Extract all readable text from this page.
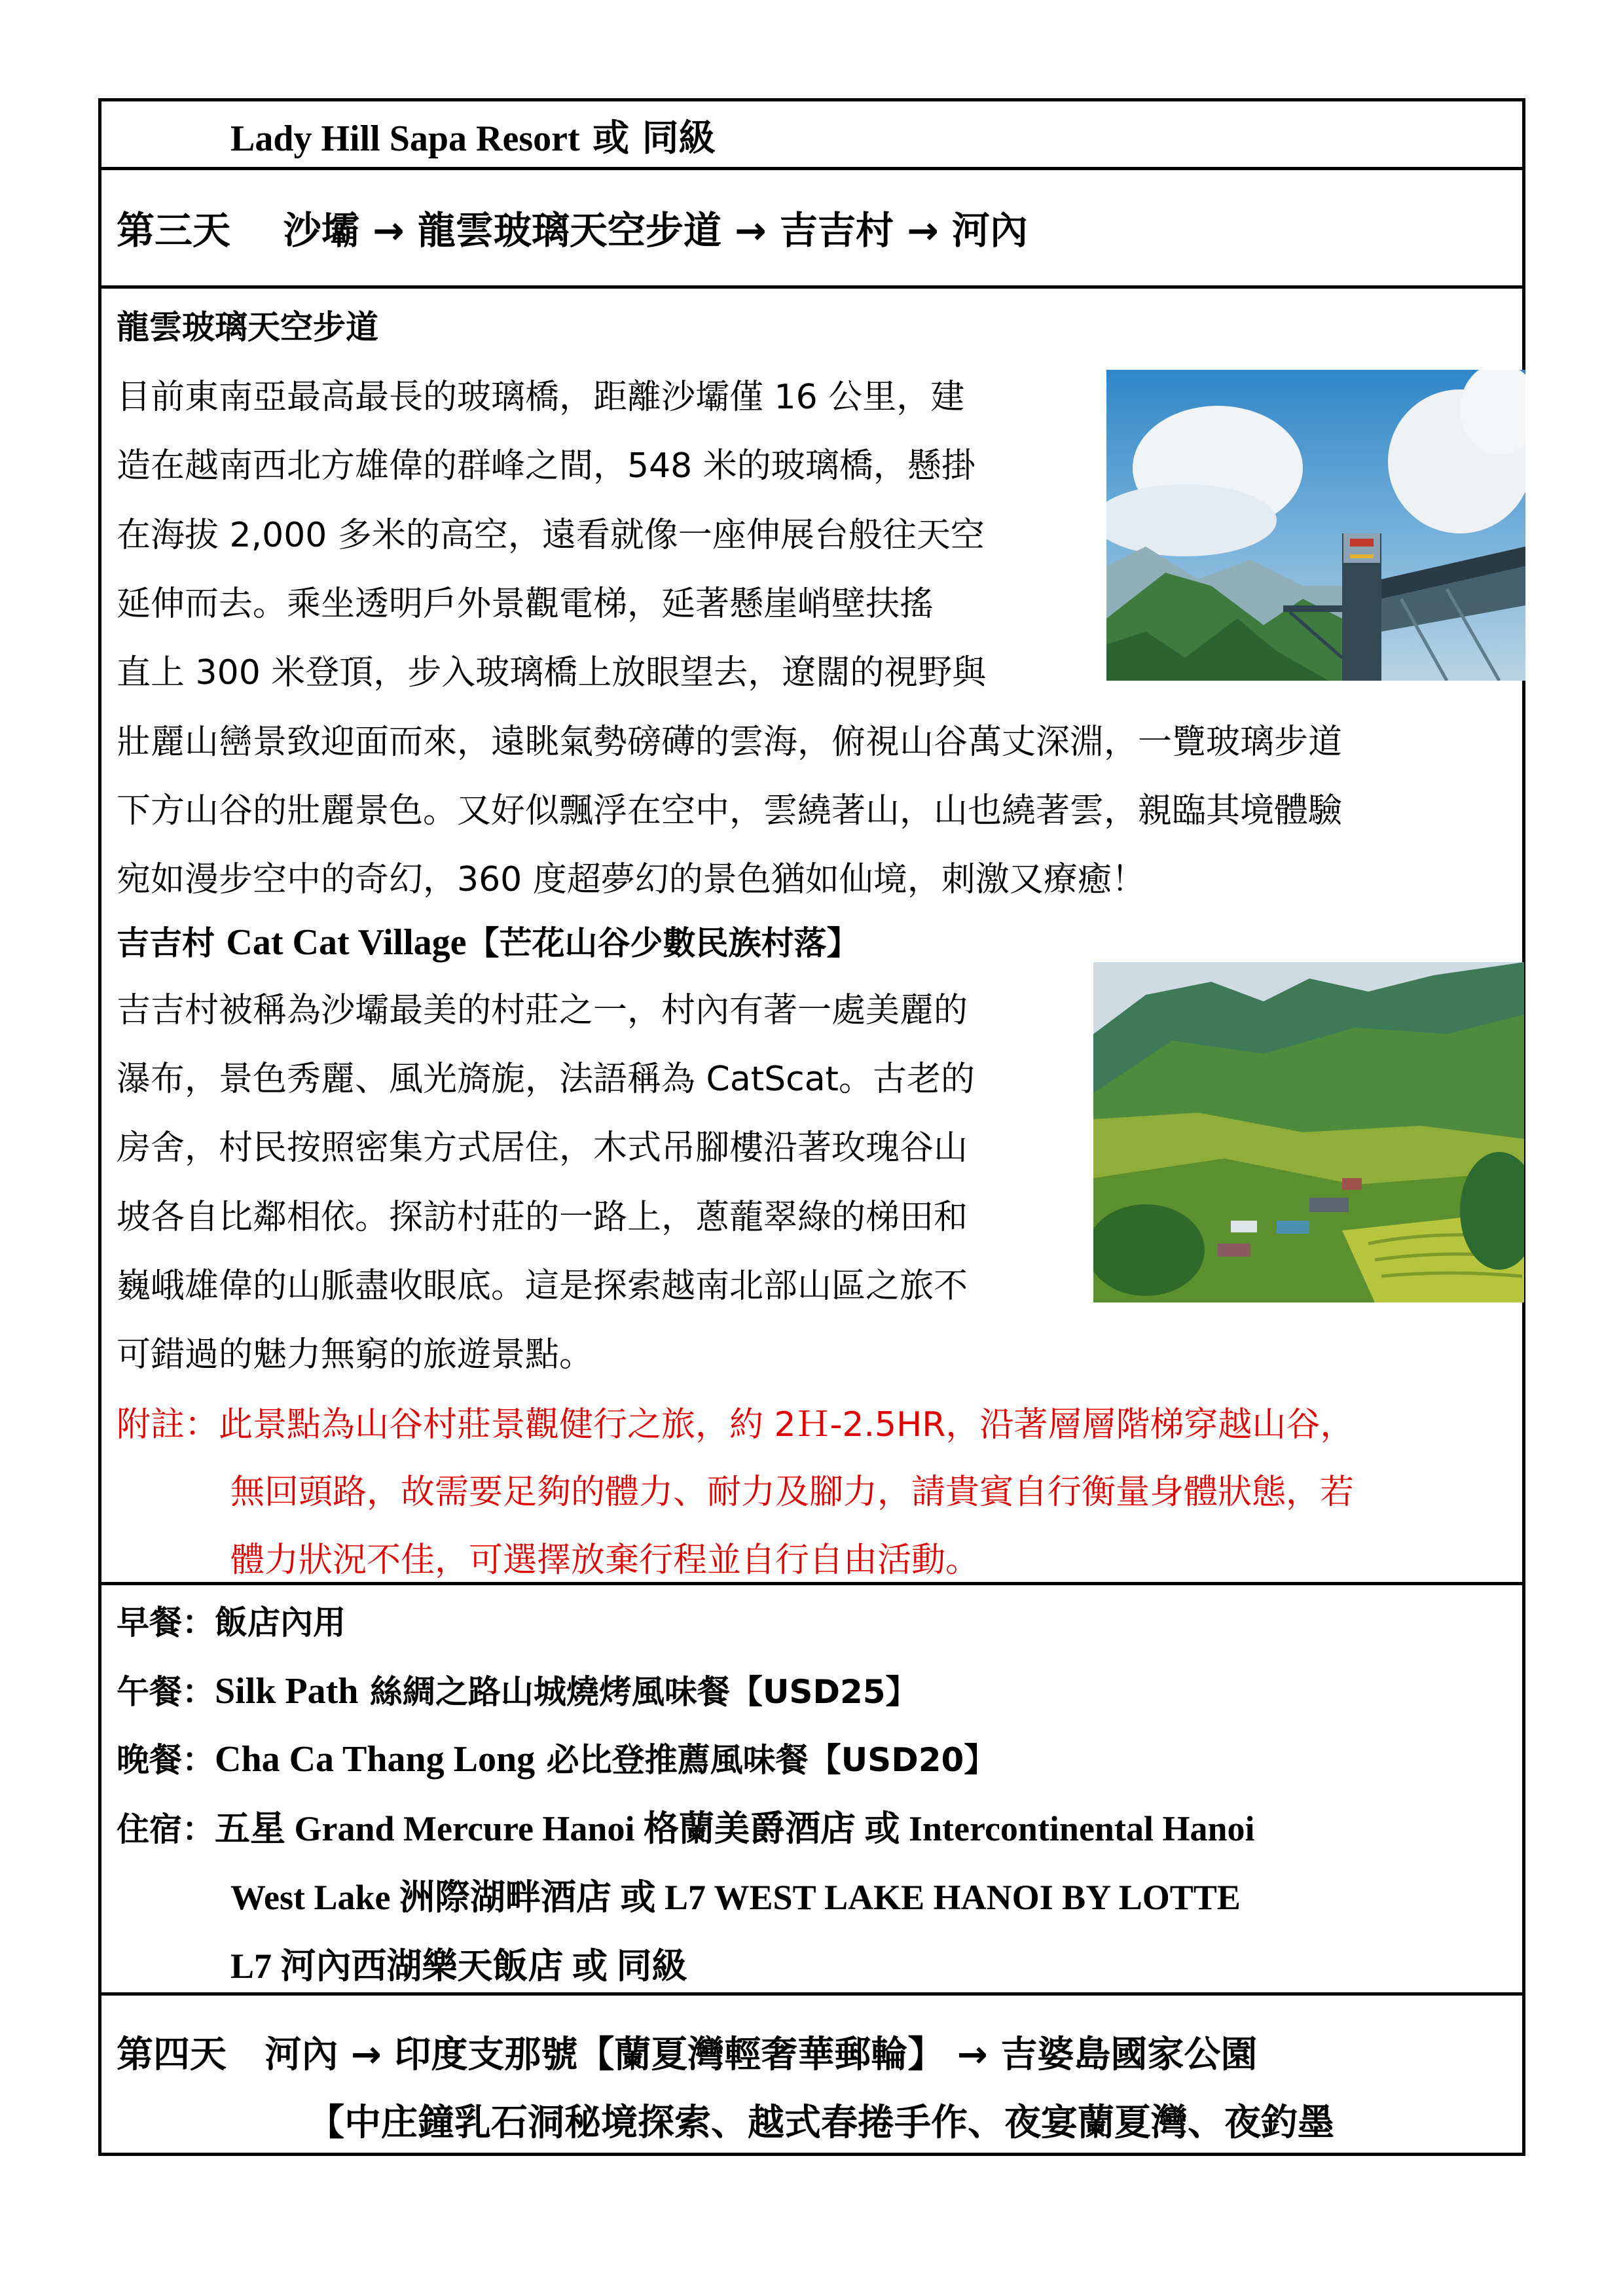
Lady Hill Sapa Resort 或 同級
第三天 沙壩 → 龍雲玻璃天空步道 → 吉吉村 → 河內
龍雲玻璃天空步道
目前東南亞最高最長的玻璃橋，距離沙壩僅 16 公里，建
造在越南西北方雄偉的群峰之間，548 米的玻璃橋，懸掛
在海拔 2,000 多米的高空，遠看就像一座伸展台般往天空
延伸而去。乘坐透明戶外景觀電梯，延著懸崖峭壁扶搖
直上 300 米登頂，步入玻璃橋上放眼望去，遼闊的視野與
壯麗山巒景致迎面而來，遠眺氣勢磅礡的雲海，俯視山谷萬丈深淵，一覽玻璃步道
下方山谷的壯麗景色。又好似飄浮在空中，雲繞著山，山也繞著雲，親臨其境體驗
宛如漫步空中的奇幻，360 度超夢幻的景色猶如仙境，刺激又療癒！
吉吉村 Cat Cat Village【芒花山谷少數民族村落】
吉吉村被稱為沙壩最美的村莊之一，村內有著一處美麗的
瀑布，景色秀麗、風光旖旎，法語稱為 CatScat。古老的
房舍，村民按照密集方式居住，木式吊腳樓沿著玫瑰谷山
坡各自比鄰相依。探訪村莊的一路上，蔥蘢翠綠的梯田和
巍峨雄偉的山脈盡收眼底。這是探索越南北部山區之旅不
可錯過的魅力無窮的旅遊景點。
附註：此景點為山谷村莊景觀健行之旅，約 2Ｈ-2.5HR，沿著層層階梯穿越山谷，
無回頭路，故需要足夠的體力、耐力及腳力，請貴賓自行衡量身體狀態，若
體力狀況不佳，可選擇放棄行程並自行自由活動。
早餐：飯店內用
午餐：Silk Path 絲綢之路山城燒烤風味餐【USD25】
晚餐：Cha Ca Thang Long 必比登推薦風味餐【USD20】
住宿：五星 Grand Mercure Hanoi 格蘭美爵酒店 或 Intercontinental Hanoi
West Lake 洲際湖畔酒店 或 L7 WEST LAKE HANOI BY LOTTE
L7 河內西湖樂天飯店 或 同級
第四天 河內 → 印度支那號【蘭夏灣輕奢華郵輪】 → 吉婆島國家公園
【中庄鐘乳石洞秘境探索、越式春捲手作、夜宴蘭夏灣、夜釣墨
